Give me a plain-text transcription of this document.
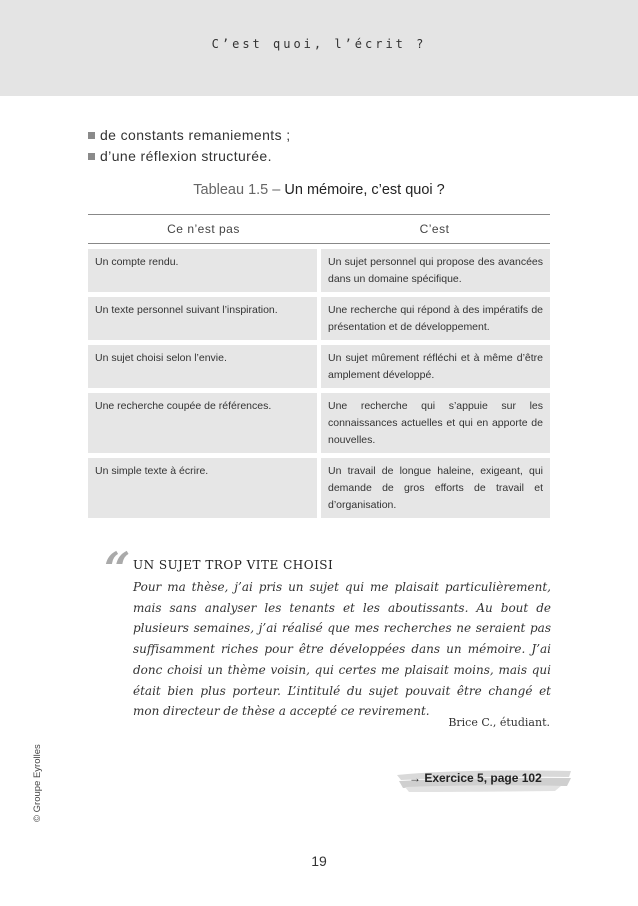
C’est quoi, l’écrit ?
de constants remaniements ;
d’une réflexion structurée.
Tableau 1.5 – Un mémoire, c’est quoi ?
Ce n’est pas	C’est
Un compte rendu.	Un sujet personnel qui propose des avancées dans un domaine spécifique.
Un texte personnel suivant l’inspiration.	Une recherche qui répond à des impératifs de présentation et de développement.
Un sujet choisi selon l’envie.	Un sujet mûrement réfléchi et à même d’être amplement développé.
Une recherche coupée de références.	Une recherche qui s’appuie sur les connaissances actuelles et qui en apporte de nouvelles.
Un simple texte à écrire.	Un travail de longue haleine, exigeant, qui demande de gros efforts de travail et d’organisation.
“ UN SUJET TROP VITE CHOISI
Pour ma thèse, j’ai pris un sujet qui me plaisait particulièrement, mais sans analyser les tenants et les aboutissants. Au bout de plusieurs semaines, j’ai réalisé que mes recherches ne seraient pas suffisamment riches pour être développées dans un mémoire. J’ai donc choisi un thème voisin, qui certes me plaisait moins, mais qui était bien plus porteur. L’intitulé du sujet pouvait être changé et mon directeur de thèse a accepté ce revirement.
Brice C., étudiant.
→ Exercice 5, page 102
© Groupe Eyrolles
19
